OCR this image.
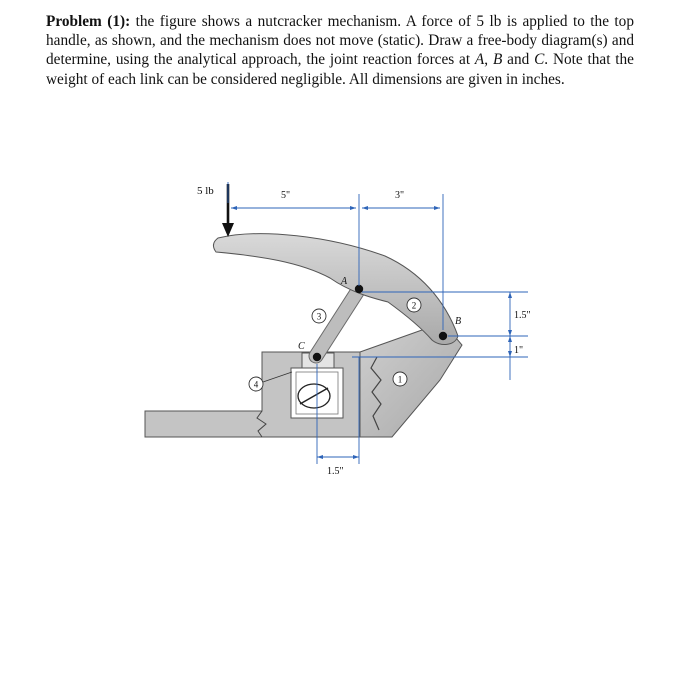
Problem (1): the figure shows a nutcracker mechanism. A force of 5 lb is applied to the top handle, as shown, and the mechanism does not move (static). Draw a free-body diagram(s) and determine, using the analytical approach, the joint reaction forces at A, B and C. Note that the weight of each link can be considered negligible. All dimensions are given in inches.

5 lb	5"	3"
1.5"
1"
1.5"
A
B
C
1
2
3
4
